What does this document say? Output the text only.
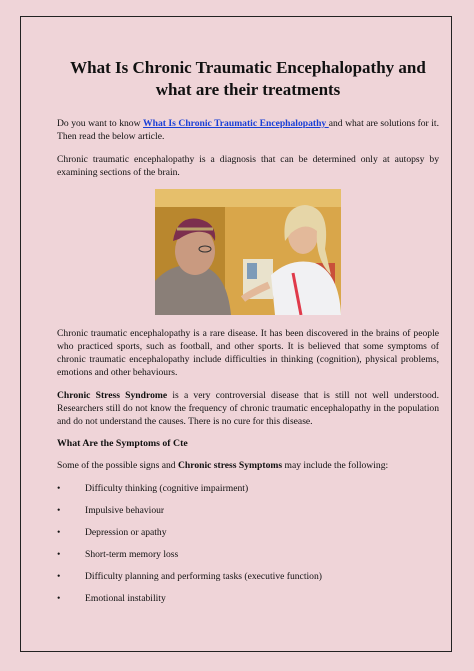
What Is Chronic Traumatic Encephalopathy and what are their treatments

Do you want to know What Is Chronic Traumatic Encephalopathy and what are solutions for it. Then read the below article.

Chronic traumatic encephalopathy is a diagnosis that can be determined only at autopsy by examining sections of the brain.

Chronic traumatic encephalopathy is a rare disease. It has been discovered in the brains of people who practiced sports, such as football, and other sports. It is believed that some symptoms of chronic traumatic encephalopathy include difficulties in thinking (cognition), physical problems, emotions and other behaviours.

Chronic Stress Syndrome is a very controversial disease that is still not well understood. Researchers still do not know the frequency of chronic traumatic encephalopathy in the population and do not understand the causes. There is no cure for this disease.

What Are the Symptoms of Cte

Some of the possible signs and Chronic stress Symptoms may include the following:

•	Difficulty thinking (cognitive impairment)
•	Impulsive behaviour
•	Depression or apathy
•	Short-term memory loss
•	Difficulty planning and performing tasks (executive function)
•	Emotional instability
